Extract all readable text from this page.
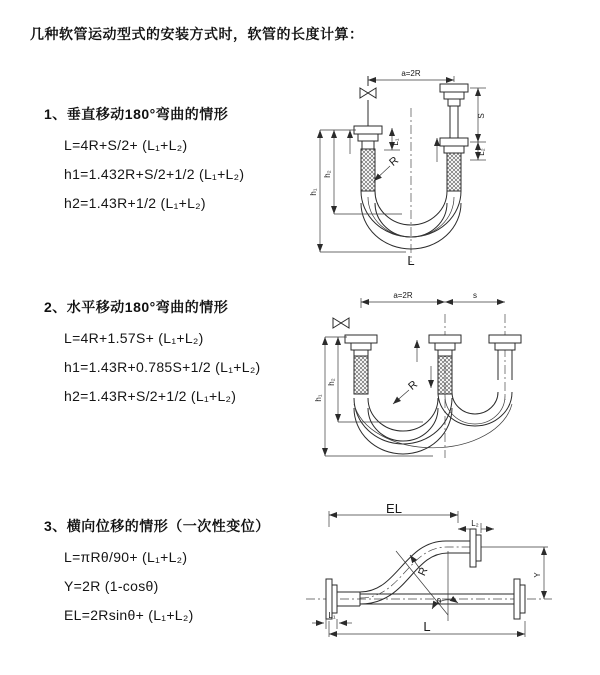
几种软管运动型式的安装方式时，软管的长度计算：
1、垂直移动180°弯曲的情形
L=4R+S/2+ (L₁+L₂)
h1=1.432R+S/2+1/2 (L₁+L₂)
h2=1.43R+1/2 (L₁+L₂)
a=2R
h₁
h₂
L₁
S
L₂
R
L
2、水平移动180°弯曲的情形
L=4R+1.57S+ (L₁+L₂)
h1=1.43R+0.785S+1/2 (L₁+L₂)
h2=1.43R+S/2+1/2 (L₁+L₂)
a=2R	s
h₁
h₂	R
3、横向位移的情形（一次性变位）
L=πRθ/90+ (L₁+L₂)
Y=2R (1-cosθ)
EL=2Rsinθ+ (L₁+L₂)
EL
L₂
θ
R	Y
L₁
L
